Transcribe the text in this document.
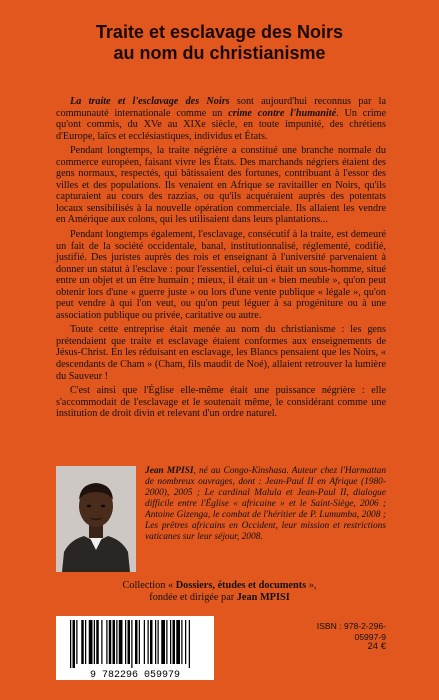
Traite et esclavage des Noirs
au nom du christianisme

La traite et l'esclavage des Noirs sont aujourd'hui reconnus par la communauté internationale comme un crime contre l'humanité. Un crime qu'ont commis, du XVe au XIXe siècle, en toute impunité, des chrétiens d'Europe, laïcs et ecclésiastiques, individus et États.

Pendant longtemps, la traite négrière a constitué une branche normale du commerce européen, faisant vivre les États. Des marchands négriers étaient des gens normaux, respectés, qui bâtissaient des fortunes, contribuant à l'essor des villes et des populations. Ils venaient en Afrique se ravitailler en Noirs, qu'ils capturaient au cours des razzias, ou qu'ils acquéraient auprès des potentats locaux sensibilisés à la nouvelle opération commerciale. Ils allaient les vendre en Amérique aux colons, qui les utilisaient dans leurs plantations...

Pendant longtemps également, l'esclavage, consécutif à la traite, est demeuré un fait de la société occidentale, banal, institutionnalisé, réglementé, codifié, justifié. Des juristes auprès des rois et enseignant à l'université parvenaient à donner un statut à l'esclave : pour l'essentiel, celui-ci était un sous-homme, situé entre un objet et un être humain ; mieux, il était un « bien meuble », qu'on peut obtenir lors d'une « guerre juste » ou lors d'une vente publique « légale », qu'on peut vendre à qui l'on veut, ou qu'on peut léguer à sa progéniture ou à une association publique ou privée, caritative ou autre.

Toute cette entreprise était menée au nom du christianisme : les gens prétendaient que traite et esclavage étaient conformes aux enseignements de Jésus-Christ. En les réduisant en esclavage, les Blancs pensaient que les Noirs, « descendants de Cham » (Cham, fils maudit de Noé), allaient retrouver la lumière du Sauveur !

C'est ainsi que l'Église elle-même était une puissance négrière : elle s'accommodait de l'esclavage et le soutenait même, le considérant comme une institution de droit divin et relevant d'un ordre naturel.

Jean MPISI, né au Congo-Kinshasa. Auteur chez l'Harmattan de nombreux ouvrages, dont : Jean-Paul II en Afrique (1980-2000), 2005 ; Le cardinal Malula et Jean-Paul II, dialogue difficile entre l'Église « africaine » et le Saint-Siège, 2006 ; Antoine Gizenga, le combat de l'héritier de P. Lumumba, 2008 ; Les prêtres africains en Occident, leur mission et restrictions vaticanes sur leur séjour, 2008.
Collection « Dossiers, études et documents »,
fondée et dirigée par Jean MPISI
9 782296 059979
ISBN : 978-2-296-05997-9
24 €
